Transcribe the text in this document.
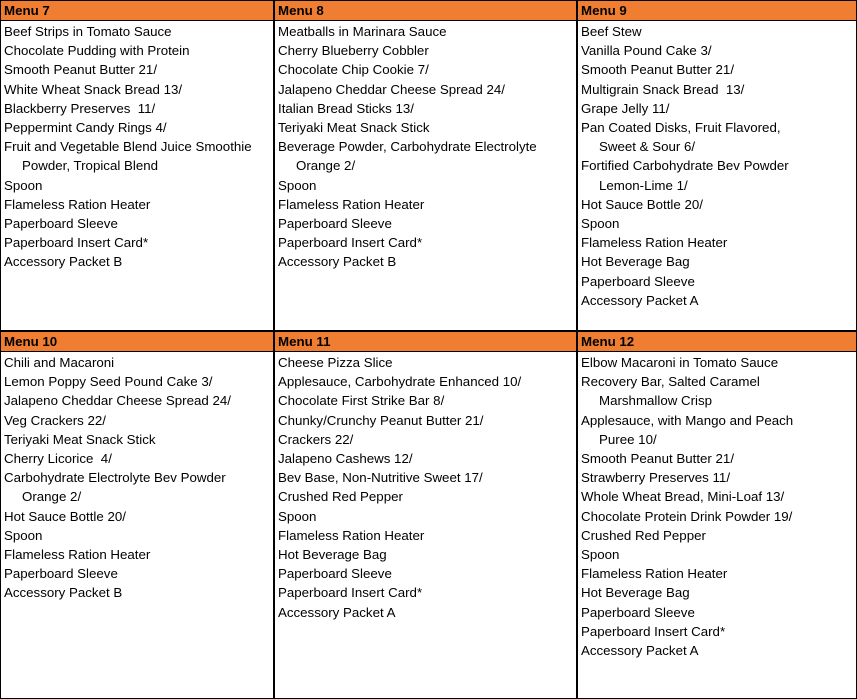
Menu 7
Beef Strips in Tomato Sauce
Chocolate Pudding with Protein
Smooth Peanut Butter 21/
White Wheat Snack Bread 13/
Blackberry Preserves  11/
Peppermint Candy Rings 4/
Fruit and Vegetable Blend Juice Smoothie
Powder, Tropical Blend
Spoon
Flameless Ration Heater
Paperboard Sleeve
Paperboard Insert Card*
Accessory Packet B
Menu 8
Meatballs in Marinara Sauce
Cherry Blueberry Cobbler
Chocolate Chip Cookie 7/
Jalapeno Cheddar Cheese Spread 24/
Italian Bread Sticks 13/
Teriyaki Meat Snack Stick
Beverage Powder, Carbohydrate Electrolyte
Orange 2/
Spoon
Flameless Ration Heater
Paperboard Sleeve
Paperboard Insert Card*
Accessory Packet B
Menu 9
Beef Stew
Vanilla Pound Cake 3/
Smooth Peanut Butter 21/
Multigrain Snack Bread  13/
Grape Jelly 11/
Pan Coated Disks, Fruit Flavored,
Sweet & Sour 6/
Fortified Carbohydrate Bev Powder
Lemon-Lime 1/
Hot Sauce Bottle 20/
Spoon
Flameless Ration Heater
Hot Beverage Bag
Paperboard Sleeve
Accessory Packet A
Menu 10
Chili and Macaroni
Lemon Poppy Seed Pound Cake 3/
Jalapeno Cheddar Cheese Spread 24/
Veg Crackers 22/
Teriyaki Meat Snack Stick
Cherry Licorice  4/
Carbohydrate Electrolyte Bev Powder
Orange 2/
Hot Sauce Bottle 20/
Spoon
Flameless Ration Heater
Paperboard Sleeve
Accessory Packet B
Menu 11
Cheese Pizza Slice
Applesauce, Carbohydrate Enhanced 10/
Chocolate First Strike Bar 8/
Chunky/Crunchy Peanut Butter 21/
Crackers 22/
Jalapeno Cashews 12/
Bev Base, Non-Nutritive Sweet 17/
Crushed Red Pepper
Spoon
Flameless Ration Heater
Hot Beverage Bag
Paperboard Sleeve
Paperboard Insert Card*
Accessory Packet A
Menu 12
Elbow Macaroni in Tomato Sauce
Recovery Bar, Salted Caramel
Marshmallow Crisp
Applesauce, with Mango and Peach
Puree 10/
Smooth Peanut Butter 21/
Strawberry Preserves 11/
Whole Wheat Bread, Mini-Loaf 13/
Chocolate Protein Drink Powder 19/
Crushed Red Pepper
Spoon
Flameless Ration Heater
Hot Beverage Bag
Paperboard Sleeve
Paperboard Insert Card*
Accessory Packet A
